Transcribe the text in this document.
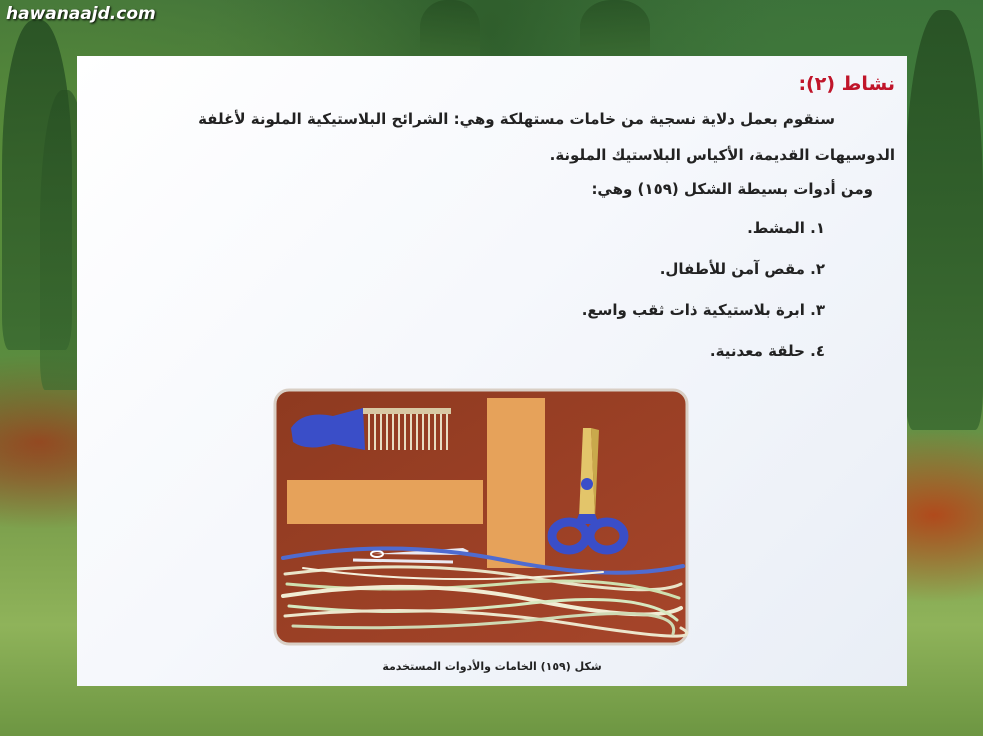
hawanaajd.com
نشاط (٢):
سنقوم بعمل دلاية نسجية من خامات مستهلكة وهي: الشرائح البلاستيكية الملونة لأغلفة
الدوسيهات القديمة، الأكياس البلاستيك الملونة.
ومن أدوات بسيطة الشكل (١٥٩) وهي:
١. المشط.
٢. مقص آمن للأطفال.
٣. ابرة بلاستيكية ذات ثقب واسع.
٤. حلقة معدنية.
شكل (١٥٩) الخامات والأدوات المستخدمة
